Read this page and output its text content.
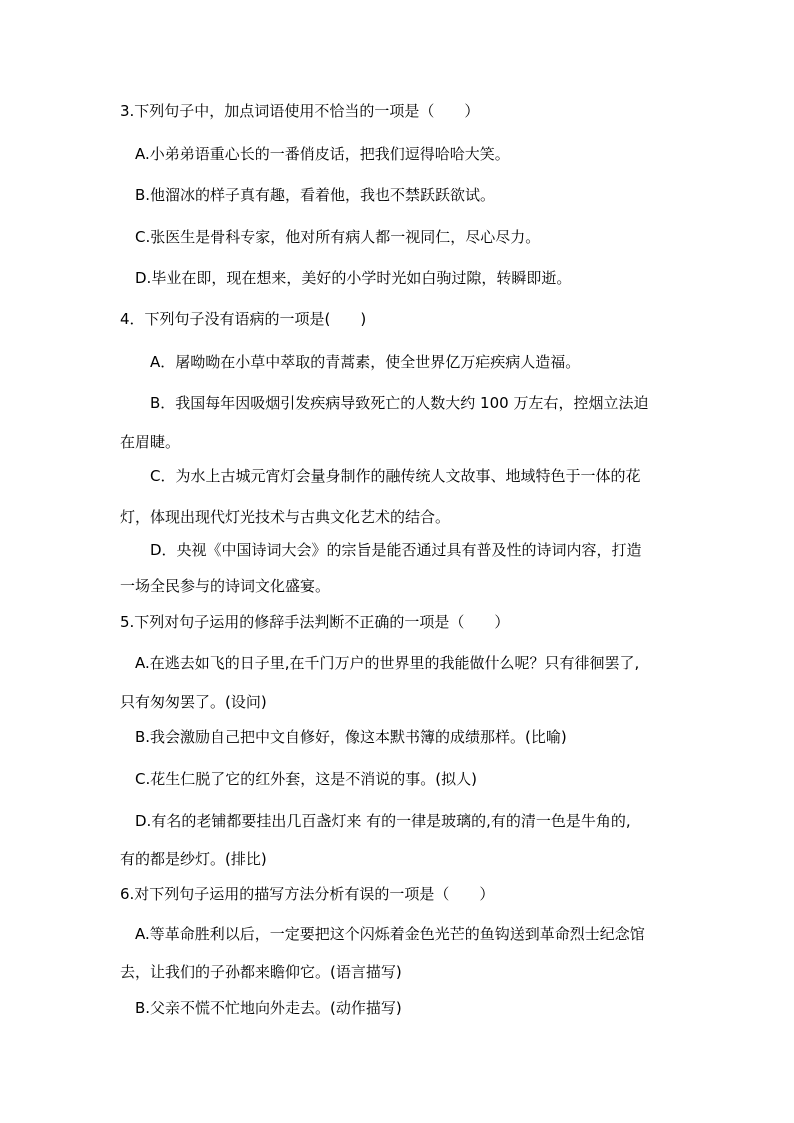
3.下列句子中，加点词语使用不恰当的一项是（　　）

A.小弟弟语重心长的一番俏皮话，把我们逗得哈哈大笑。

B.他溜冰的样子真有趣，看着他，我也不禁跃跃欲试。

C.张医生是骨科专家，他对所有病人都一视同仁，尽心尽力。

D.毕业在即，现在想来，美好的小学时光如白驹过隙，转瞬即逝。

4．下列句子没有语病的一项是(　　)

A．屠呦呦在小草中萃取的青蒿素，使全世界亿万疟疾病人造福。

B．我国每年因吸烟引发疾病导致死亡的人数大约 100 万左右，控烟立法迫

在眉睫。

C．为水上古城元宵灯会量身制作的融传统人文故事、地域特色于一体的花

灯，体现出现代灯光技术与古典文化艺术的结合。

D．央视《中国诗词大会》的宗旨是能否通过具有普及性的诗词内容，打造

一场全民参与的诗词文化盛宴。

5.下列对句子运用的修辞手法判断不正确的一项是（　　）

A.在逃去如飞的日子里,在千门万户的世界里的我能做什么呢？只有徘徊罢了,

只有匆匆罢了。(设问)

B.我会激励自己把中文自修好，像这本默书簿的成绩那样。(比喻)

C.花生仁脱了它的红外套，这是不消说的事。(拟人)

D.有名的老铺都要挂出几百盏灯来 有的一律是玻璃的,有的清一色是牛角的,

有的都是纱灯。(排比)

6.对下列句子运用的描写方法分析有误的一项是（　　）

A.等革命胜利以后，一定要把这个闪烁着金色光芒的鱼钩送到革命烈士纪念馆

去，让我们的子孙都来瞻仰它。(语言描写)

B.父亲不慌不忙地向外走去。(动作描写)
